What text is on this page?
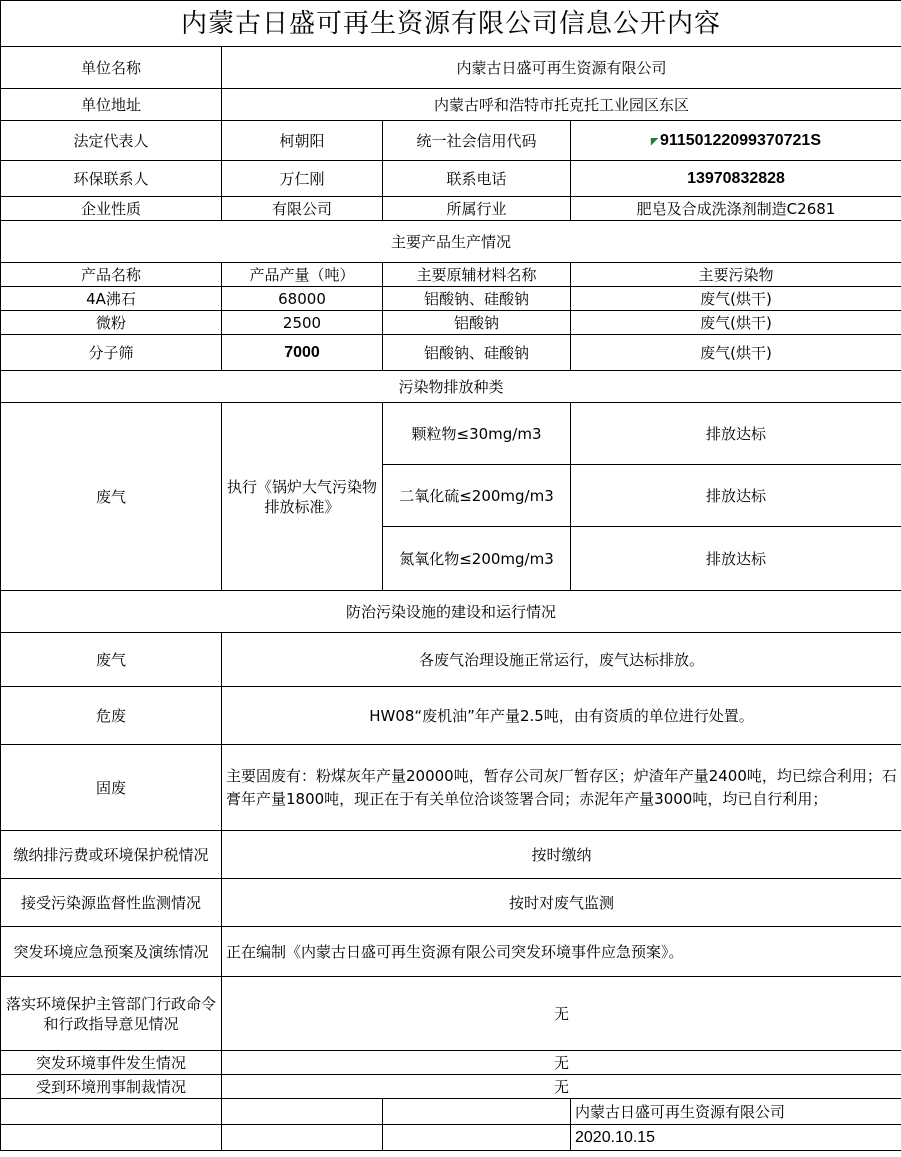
内蒙古日盛可再生资源有限公司信息公开内容			
单位名称	内蒙古日盛可再生资源有限公司		
单位地址	内蒙古呼和浩特市托克托工业园区东区		
法定代表人	柯朝阳	统一社会信用代码	◤ 91150122099370721S
环保联系人	万仁刚	联系电话	13970832828
企业性质	有限公司	所属行业	肥皂及合成洗涤剂制造C2681
主要产品生产情况			
产品名称	产品产量（吨）	主要原辅材料名称	主要污染物
4A沸石	68000	铝酸钠、硅酸钠	废气(烘干)
微粉	2500	铝酸钠	废气(烘干)
分子筛	7000	铝酸钠、硅酸钠	废气(烘干)
污染物排放种类			
废气	执行《锅炉大气污染物排放标准》	颗粒物≤30mg/m3	排放达标
		二氧化硫≤200mg/m3	排放达标
		氮氧化物≤200mg/m3	排放达标
防治污染设施的建设和运行情况			
废气	各废气治理设施正常运行，废气达标排放。		
危废	HW08“废机油”年产量2.5吨，由有资质的单位进行处置。		
固废	主要固废有：粉煤灰年产量20000吨，暂存公司灰厂暂存区；炉渣年产量2400吨，均已综合利用；石膏年产量1800吨，现正在于有关单位洽谈签署合同；赤泥年产量3000吨，均已自行利用；		
缴纳排污费或环境保护税情况	按时缴纳		
接受污染源监督性监测情况	按时对废气监测		
突发环境应急预案及演练情况	正在编制《内蒙古日盛可再生资源有限公司突发环境事件应急预案》。		
落实环境保护主管部门行政命令和行政指导意见情况	无		
突发环境事件发生情况	无		
受到环境刑事制裁情况	无		
			内蒙古日盛可再生资源有限公司
			2020.10.15
